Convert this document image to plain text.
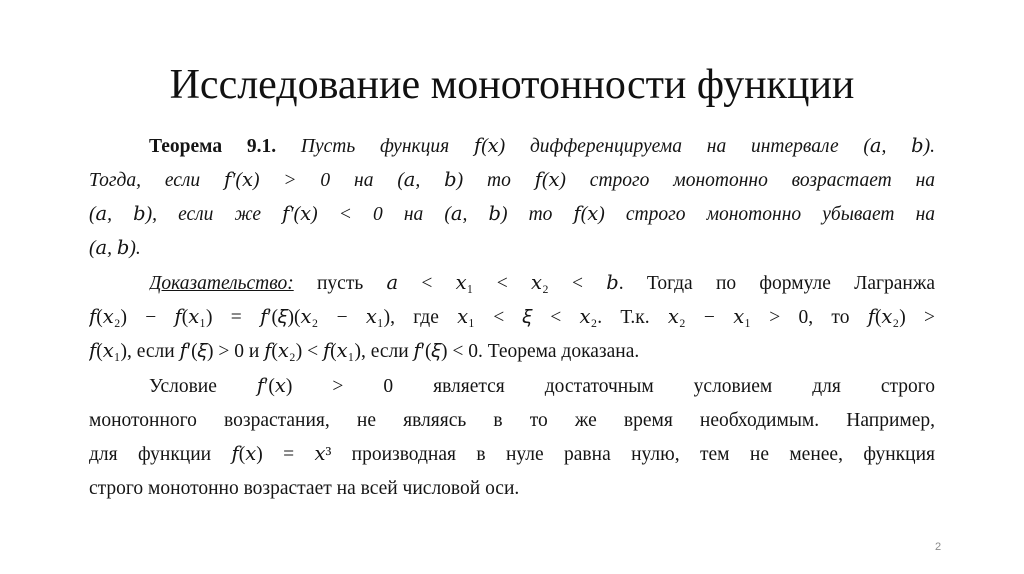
Исследование монотонности функции
Теорема 9.1. Пусть функция 𝑓(𝑥) дифференцируема на интервале (𝑎, 𝑏).
Тогда, если 𝑓′(𝑥) > 0 на (𝑎, 𝑏) то 𝑓(𝑥) строго монотонно возрастает на
(𝑎, 𝑏), если же 𝑓′(𝑥) < 0 на (𝑎, 𝑏) то 𝑓(𝑥) строго монотонно убывает на
(𝑎, 𝑏).
Доказательство: пусть 𝑎 < 𝑥₁ < 𝑥₂ < 𝑏. Тогда по формуле Лагранжа
𝑓(𝑥₂) − 𝑓(𝑥₁) = 𝑓′(𝜉)(𝑥₂ − 𝑥₁), где 𝑥₁ < 𝜉 < 𝑥₂. Т.к. 𝑥₂ − 𝑥₁ > 0, то 𝑓(𝑥₂) >
𝑓(𝑥₁), если 𝑓′(𝜉) > 0 и 𝑓(𝑥₂) < 𝑓(𝑥₁), если 𝑓′(𝜉) < 0. Теорема доказана.
Условие 𝑓′(𝑥) > 0 является достаточным условием для строго
монотонного возрастания, не являясь в то же время необходимым. Например,
для функции 𝑓(𝑥) = 𝑥³ производная в нуле равна нулю, тем не менее, функция
строго монотонно возрастает на всей числовой оси.
2
